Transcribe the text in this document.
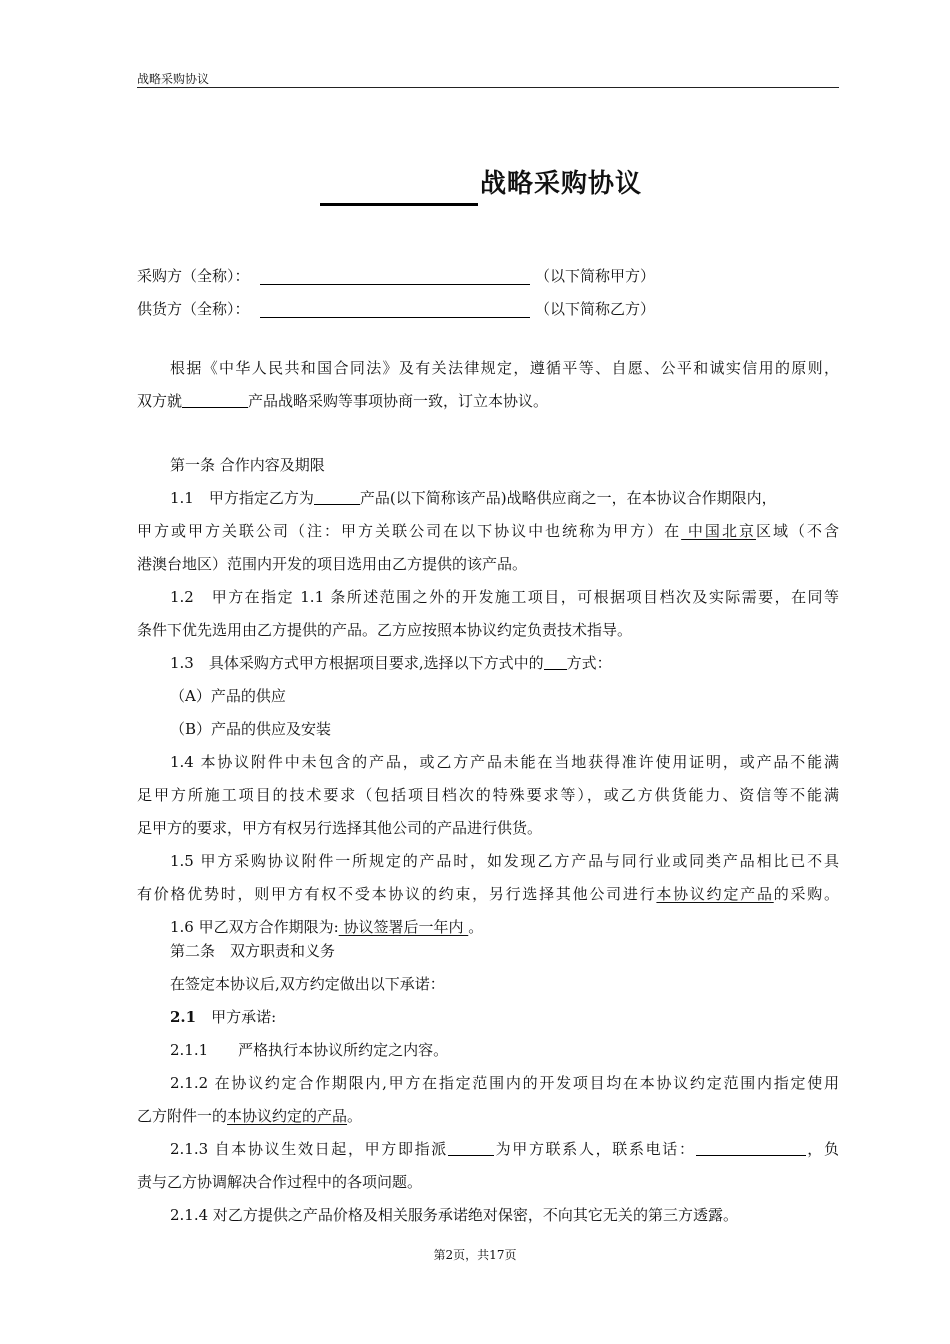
战略采购协议
战略采购协议
采购方（全称）：	（以下简称甲方）
供货方（全称）：	（以下简称乙方）
根据《中华人民共和国合同法》及有关法律规定，遵循平等、自愿、公平和诚实信用的原则，
双方就	产品战略采购等事项协商一致，订立本协议。
第一条 合作内容及期限
1.1　甲方指定乙方为	产品(以下简称该产品)战略供应商之一，在本协议合作期限内，
甲方或甲方关联公司（注：甲方关联公司在以下协议中也统称为甲方）在 中国北京区域（不含
港澳台地区）范围内开发的项目选用由乙方提供的该产品。
1.2　甲方在指定 1.1 条所述范围之外的开发施工项目，可根据项目档次及实际需要，在同等
条件下优先选用由乙方提供的产品。乙方应按照本协议约定负责技术指导。
1.3　具体采购方式甲方根据项目要求,选择以下方式中的 方式：
（A）产品的供应
（B）产品的供应及安装
1.4 本协议附件中未包含的产品，或乙方产品未能在当地获得准许使用证明，或产品不能满
足甲方所施工项目的技术要求（包括项目档次的特殊要求等），或乙方供货能力、资信等不能满
足甲方的要求，甲方有权另行选择其他公司的产品进行供货。
1.5 甲方采购协议附件一所规定的产品时，如发现乙方产品与同行业或同类产品相比已不具
有价格优势时，则甲方有权不受本协议的约束，另行选择其他公司进行本协议约定产品的采购。
1.6 甲乙双方合作期限为: 协议签署后一年内 。
第二条　双方职责和义务
在签定本协议后,双方约定做出以下承诺：
2.1　甲方承诺:
2.1.1　　严格执行本协议所约定之内容。
2.1.2 在协议约定合作期限内,甲方在指定范围内的开发项目均在本协议约定范围内指定使用
乙方附件一的本协议约定的产品。
2.1.3 自本协议生效日起，甲方即指派	为甲方联系人，联系电话：	，负
责与乙方协调解决合作过程中的各项问题。
2.1.4 对乙方提供之产品价格及相关服务承诺绝对保密，不向其它无关的第三方透露。
第2页，共17页
